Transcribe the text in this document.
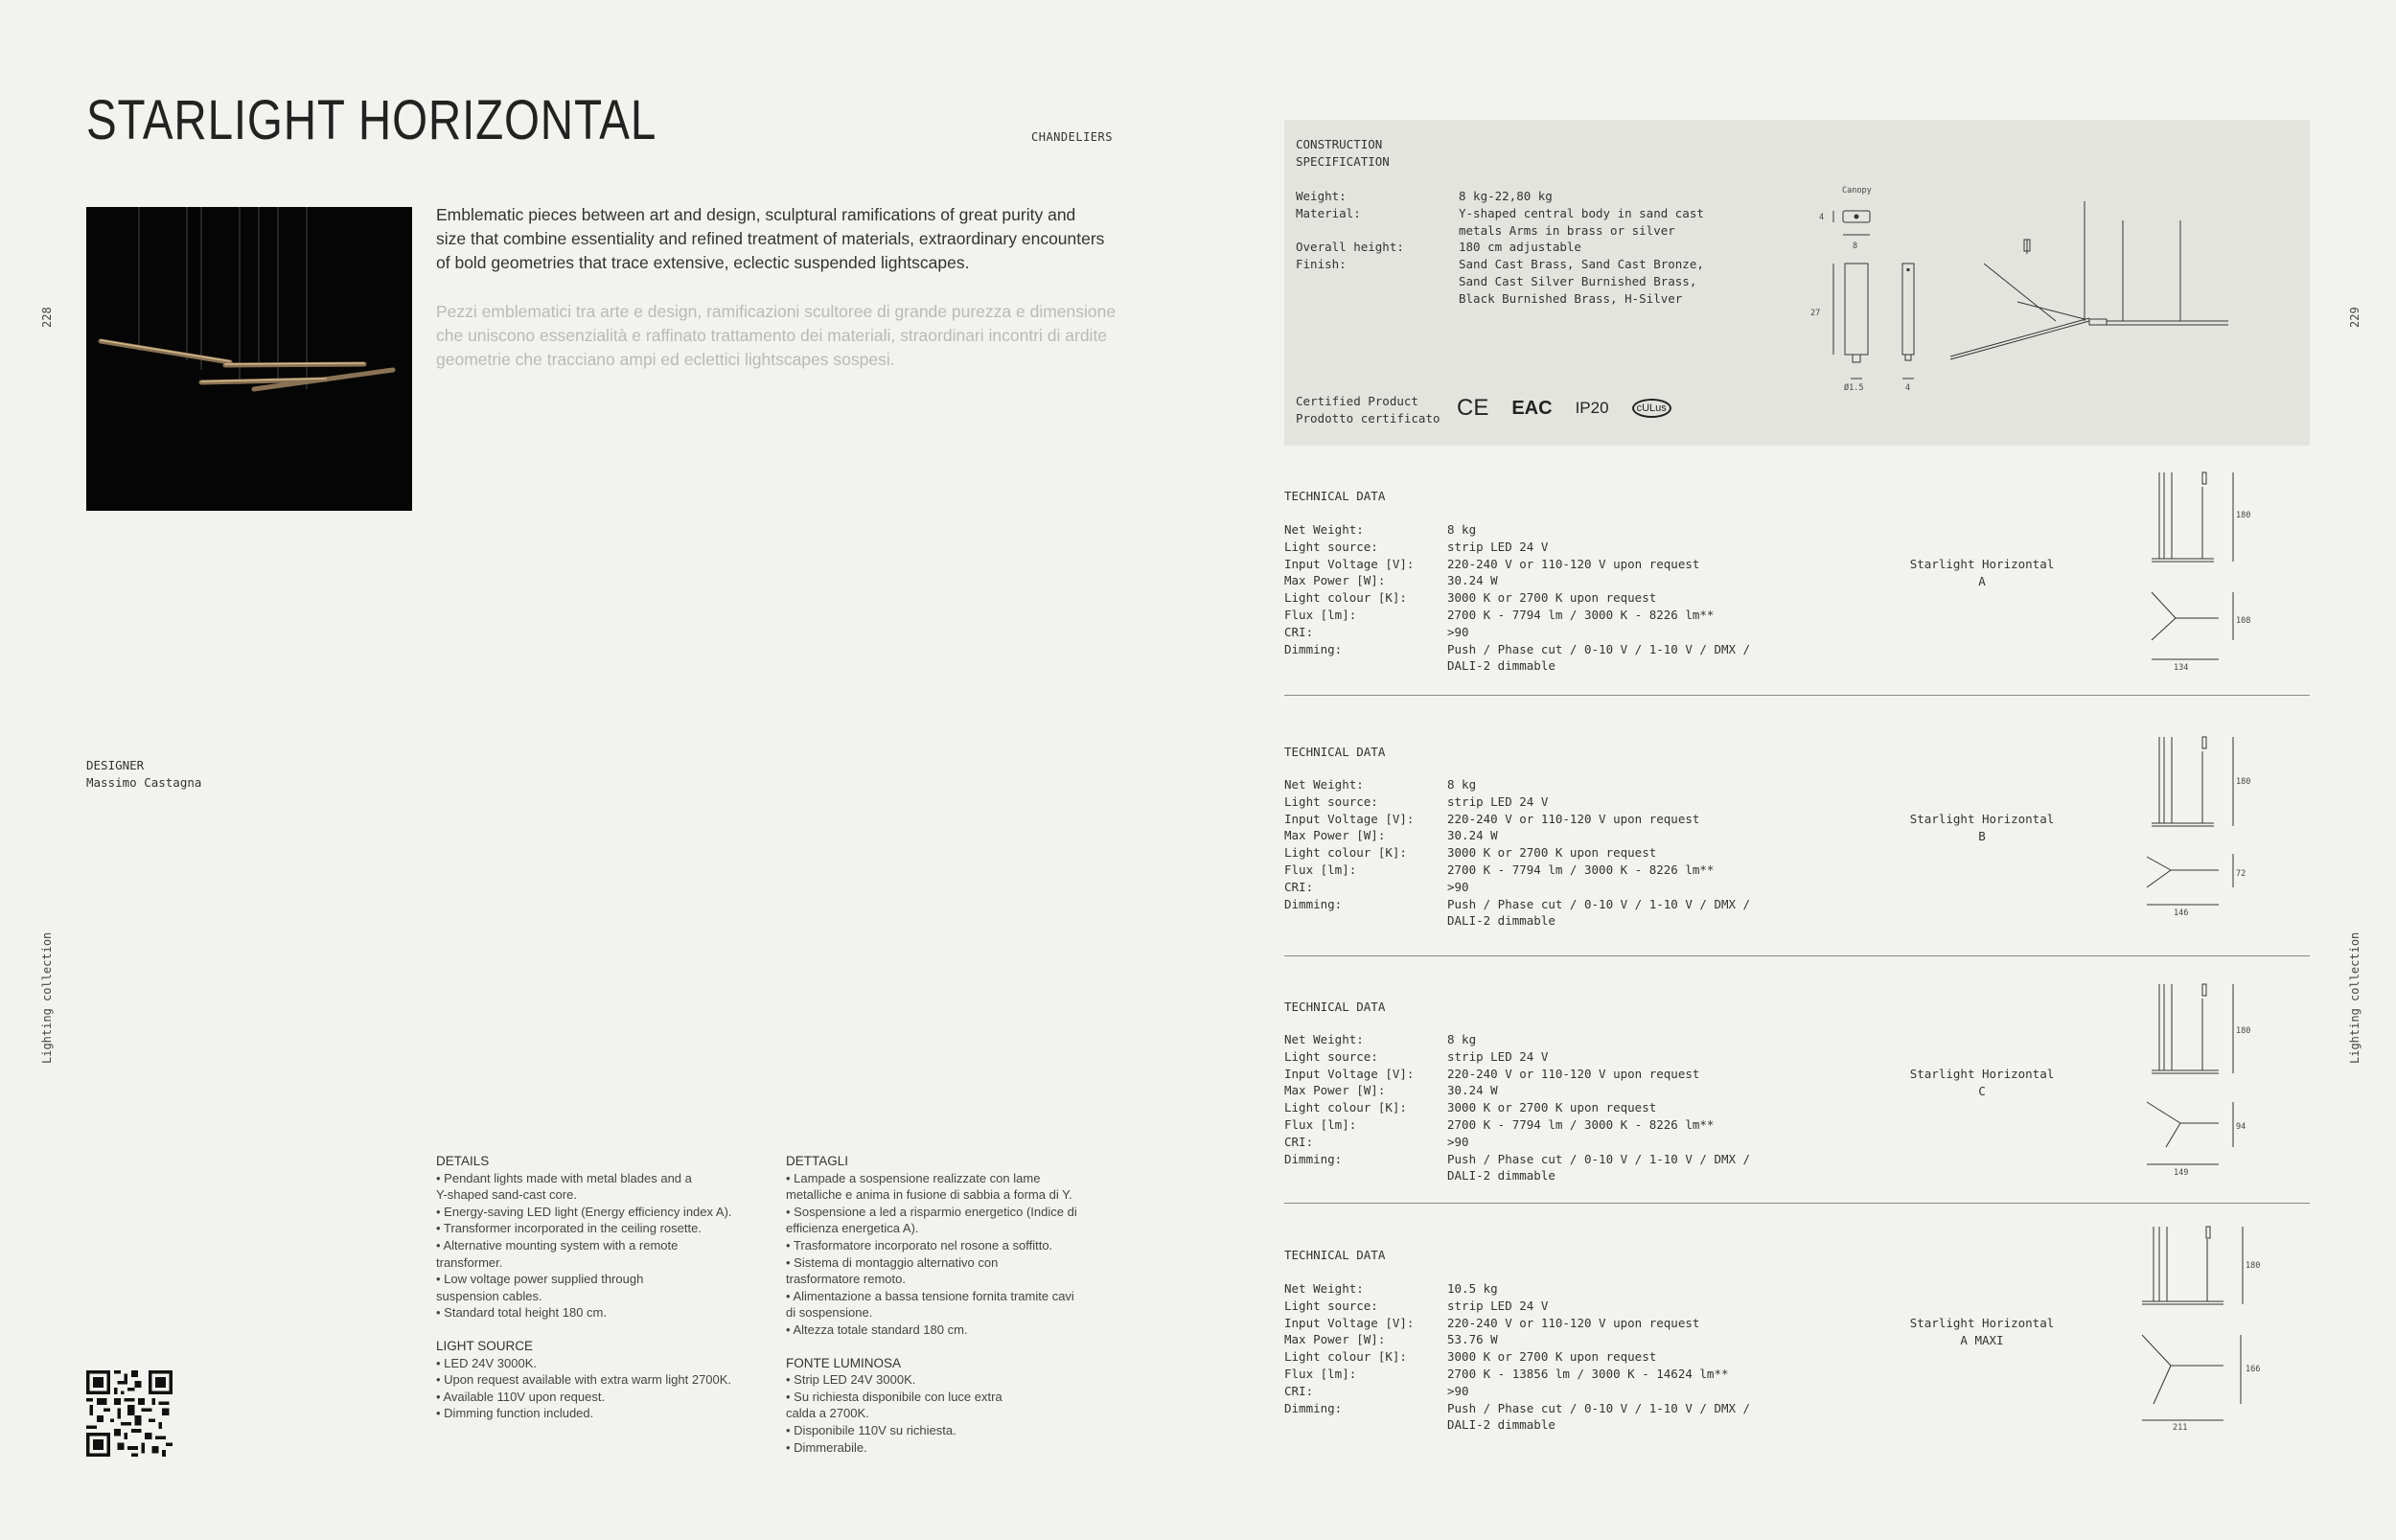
STARLIGHT HORIZONTAL	CHANDELIERS
Emblematic pieces between art and design, sculptural ramifications of great purity and size that combine essentiality and refined treatment of materials, extraordinary encounters of bold geometries that trace extensive, eclectic suspended lightscapes.
Pezzi emblematici tra arte e design, ramificazioni scultoree di grande purezza e dimensione che uniscono essenzialità e raffinato trattamento dei materiali, straordinari incontri di ardite geometrie che tracciano ampi ed eclettici lightscapes sospesi.
228
Lighting collection
DESIGNER
Massimo Castagna
DETAILS
• Pendant lights made with metal blades and a
Y-shaped sand-cast core.
• Energy-saving LED light (Energy efficiency index A).
• Transformer incorporated in the ceiling rosette.
• Alternative mounting system with a remote
transformer.
• Low voltage power supplied through
suspension cables.
• Standard total height 180 cm.
LIGHT SOURCE
• LED 24V 3000K.
• Upon request available with extra warm light 2700K.
• Available 110V upon request.
• Dimming function included.
DETTAGLI
• Lampade a sospensione realizzate con lame
metalliche e anima in fusione di sabbia a forma di Y.
• Sospensione a led a risparmio energetico (Indice di
efficienza energetica A).
• Trasformatore incorporato nel rosone a soffitto.
• Sistema di montaggio alternativo con
trasformatore remoto.
• Alimentazione a bassa tensione fornita tramite cavi
di sospensione.
• Altezza totale standard 180 cm.
FONTE LUMINOSA
• Strip LED 24V 3000K.
• Su richiesta disponibile con luce extra
calda a 2700K.
• Disponibile 110V su richiesta.
• Dimmerabile.
CONSTRUCTION
SPECIFICATION
Weight:	8 kg-22,80 kg
Material:	Y-shaped central body in sand cast metals Arms in brass or silver
Overall height:	180 cm adjustable
Finish:	Sand Cast Brass, Sand Cast Bronze, Sand Cast Silver Burnished Brass, Black Burnished Brass, H-Silver
Certified Product
Prodotto certificato CE EAC IP20	cULus
Canopy
4
8
27
Ø1.5	4
229
Lighting collection
TECHNICAL DATA
Net Weight:	8 kg
Light source:	strip LED 24 V
Input Voltage [V]:	220-240 V or 110-120 V upon request
Max Power [W]:	30.24 W
Light colour [K]:	3000 K or 2700 K upon request
Flux [lm]:	2700 K - 7794 lm / 3000 K - 8226 lm**
CRI:	>90
Dimming:	Push / Phase cut / 0-10 V / 1-10 V / DMX / DALI-2 dimmable
Starlight Horizontal
A
180
108
134
TECHNICAL DATA
Net Weight:	8 kg
Light source:	strip LED 24 V
Input Voltage [V]:	220-240 V or 110-120 V upon request
Max Power [W]:	30.24 W
Light colour [K]:	3000 K or 2700 K upon request
Flux [lm]:	2700 K - 7794 lm / 3000 K - 8226 lm**
CRI:	>90
Dimming:	Push / Phase cut / 0-10 V / 1-10 V / DMX / DALI-2 dimmable
Starlight Horizontal
B
180
72
146
TECHNICAL DATA
Net Weight:	8 kg
Light source:	strip LED 24 V
Input Voltage [V]:	220-240 V or 110-120 V upon request
Max Power [W]:	30.24 W
Light colour [K]:	3000 K or 2700 K upon request
Flux [lm]:	2700 K - 7794 lm / 3000 K - 8226 lm**
CRI:	>90
Dimming:	Push / Phase cut / 0-10 V / 1-10 V / DMX / DALI-2 dimmable
Starlight Horizontal
C
180
94
149
TECHNICAL DATA
Net Weight:	10.5 kg
Light source:	strip LED 24 V
Input Voltage [V]:	220-240 V or 110-120 V upon request
Max Power [W]:	53.76 W
Light colour [K]:	3000 K or 2700 K upon request
Flux [lm]:	2700 K - 13856 lm / 3000 K - 14624 lm**
CRI:	>90
Dimming:	Push / Phase cut / 0-10 V / 1-10 V / DMX / DALI-2 dimmable
Starlight Horizontal
A MAXI
180
166
211
